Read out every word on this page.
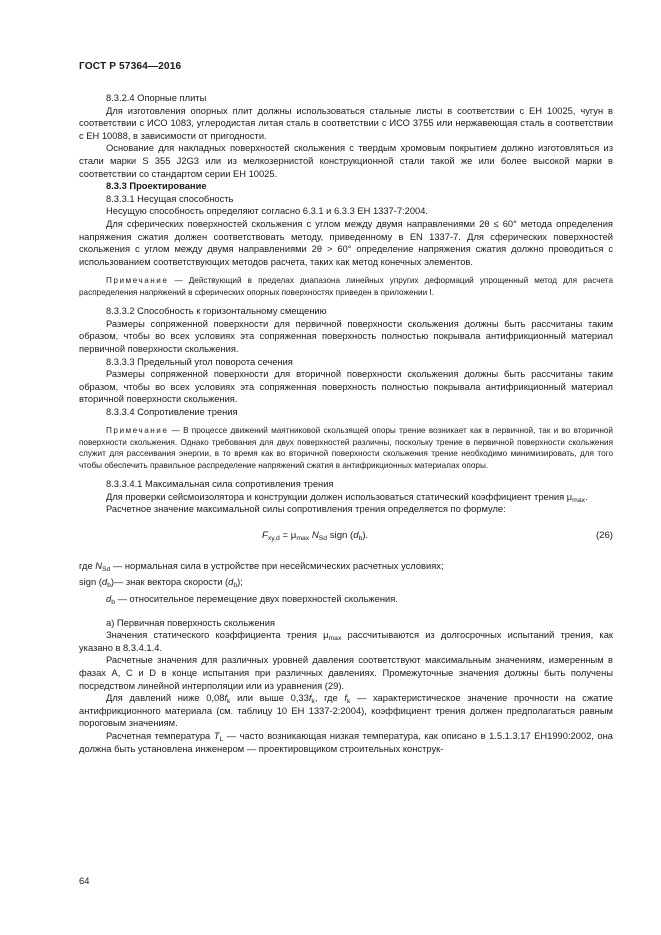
ГОСТ Р 57364—2016

8.3.2.4 Опорные плиты

Для изготовления опорных плит должны использоваться стальные листы в соответствии с ЕН 10025, чугун в соответствии с ИСО 1083, углеродистая литая сталь в соответствии с ИСО 3755 или нержавеющая сталь в соответствии с ЕН 10088, в зависимости от пригодности.

Основание для накладных поверхностей скольжения с твердым хромовым покрытием должно изготовляться из стали марки S 355 J2G3 или из мелкозернистой конструкционной стали такой же или более высокой марки в соответствии со стандартом серии ЕН 10025.

8.3.3 Проектирование

8.3.3.1 Несущая способность

Несущую способность определяют согласно 6.3.1 и 6.3.3 ЕН 1337-7:2004.

Для сферических поверхностей скольжения с углом между двумя направлениями 2θ ≤ 60° метода определения напряжения сжатия должен соответствовать методу, приведенному в EN 1337-7. Для сферических поверхностей скольжения с углом между двумя направлениями 2θ > 60° определение напряжения сжатия должно проводиться с использованием соответствующих методов расчета, таких как метод конечных элементов.

Примечание — Действующий в пределах диапазона линейных упругих деформаций упрощенный метод для расчета распределения напряжений в сферических опорных поверхностях приведен в приложении I.

8.3.3.2 Способность к горизонтальному смещению

Размеры сопряженной поверхности для первичной поверхности скольжения должны быть рассчитаны таким образом, чтобы во всех условиях эта сопряженная поверхность полностью покрывала антифрикционный материал первичной поверхности скольжения.

8.3.3.3 Предельный угол поворота сечения

Размеры сопряженной поверхности для вторичной поверхности скольжения должны быть рассчитаны таким образом, чтобы во всех условиях эта сопряженная поверхность полностью покрывала антифрикционный материал вторичной поверхности скольжения.

8.3.3.4 Сопротивление трения

Примечание — В процессе движений маятниковой скользящей опоры трение возникает как в первичной, так и во вторичной поверхности скольжения. Однако требования для двух поверхностей различны, поскольку трение в первичной поверхности скольжения служит для рассеивания энергии, в то время как во вторичной поверхности скольжения трение необходимо минимизировать, для того чтобы обеспечить правильное распределение напряжений сжатия в антифрикционных материалах опоры.

8.3.3.4.1 Максимальная сила сопротивления трения

Для проверки сейсмоизолятора и конструкции должен использоваться статический коэффициент трения $\mu_{max}$.

Расчетное значение максимальной силы сопротивления трения определяется по формуле:

$F_{xy,d} = \mu_{max}$ $N_{Sd}$ sign $(d_b)$.	(26)

где $N_{Sd}$ — нормальная сила в устройстве при несейсмических расчетных условиях;

sign $(d_b)—$ знак вектора скорости $(d_b)$;

$d_b$ — относительное перемещение двух поверхностей скольжения.

а) Первичная поверхность скольжения

Значения статического коэффициента трения $\mu_{max}$ рассчитываются из долгосрочных испытаний трения, как указано в 8.3.4.1.4.

Расчетные значения для различных уровней давления соответствуют максимальным значениям, измеренным в фазах А, С и D в конце испытания при различных давлениях. Промежуточные значения должны быть получены посредством линейной интерполяции или из уравнения (29).

Для давлений ниже $0,08f_k$ или выше $0,33f_k$, где $f_k$ — характеристическое значение прочности на сжатие антифрикционного материала (см. таблицу 10 ЕН 1337-2:2004), коэффициент трения должен предполагаться равным пороговым значениям.

Расчетная температура $T_L$ — часто возникающая низкая температура, как описано в 1.5.1.3.17 ЕН1990:2002, она должна быть установлена инженером — проектировщиком строительных конструк-

64
